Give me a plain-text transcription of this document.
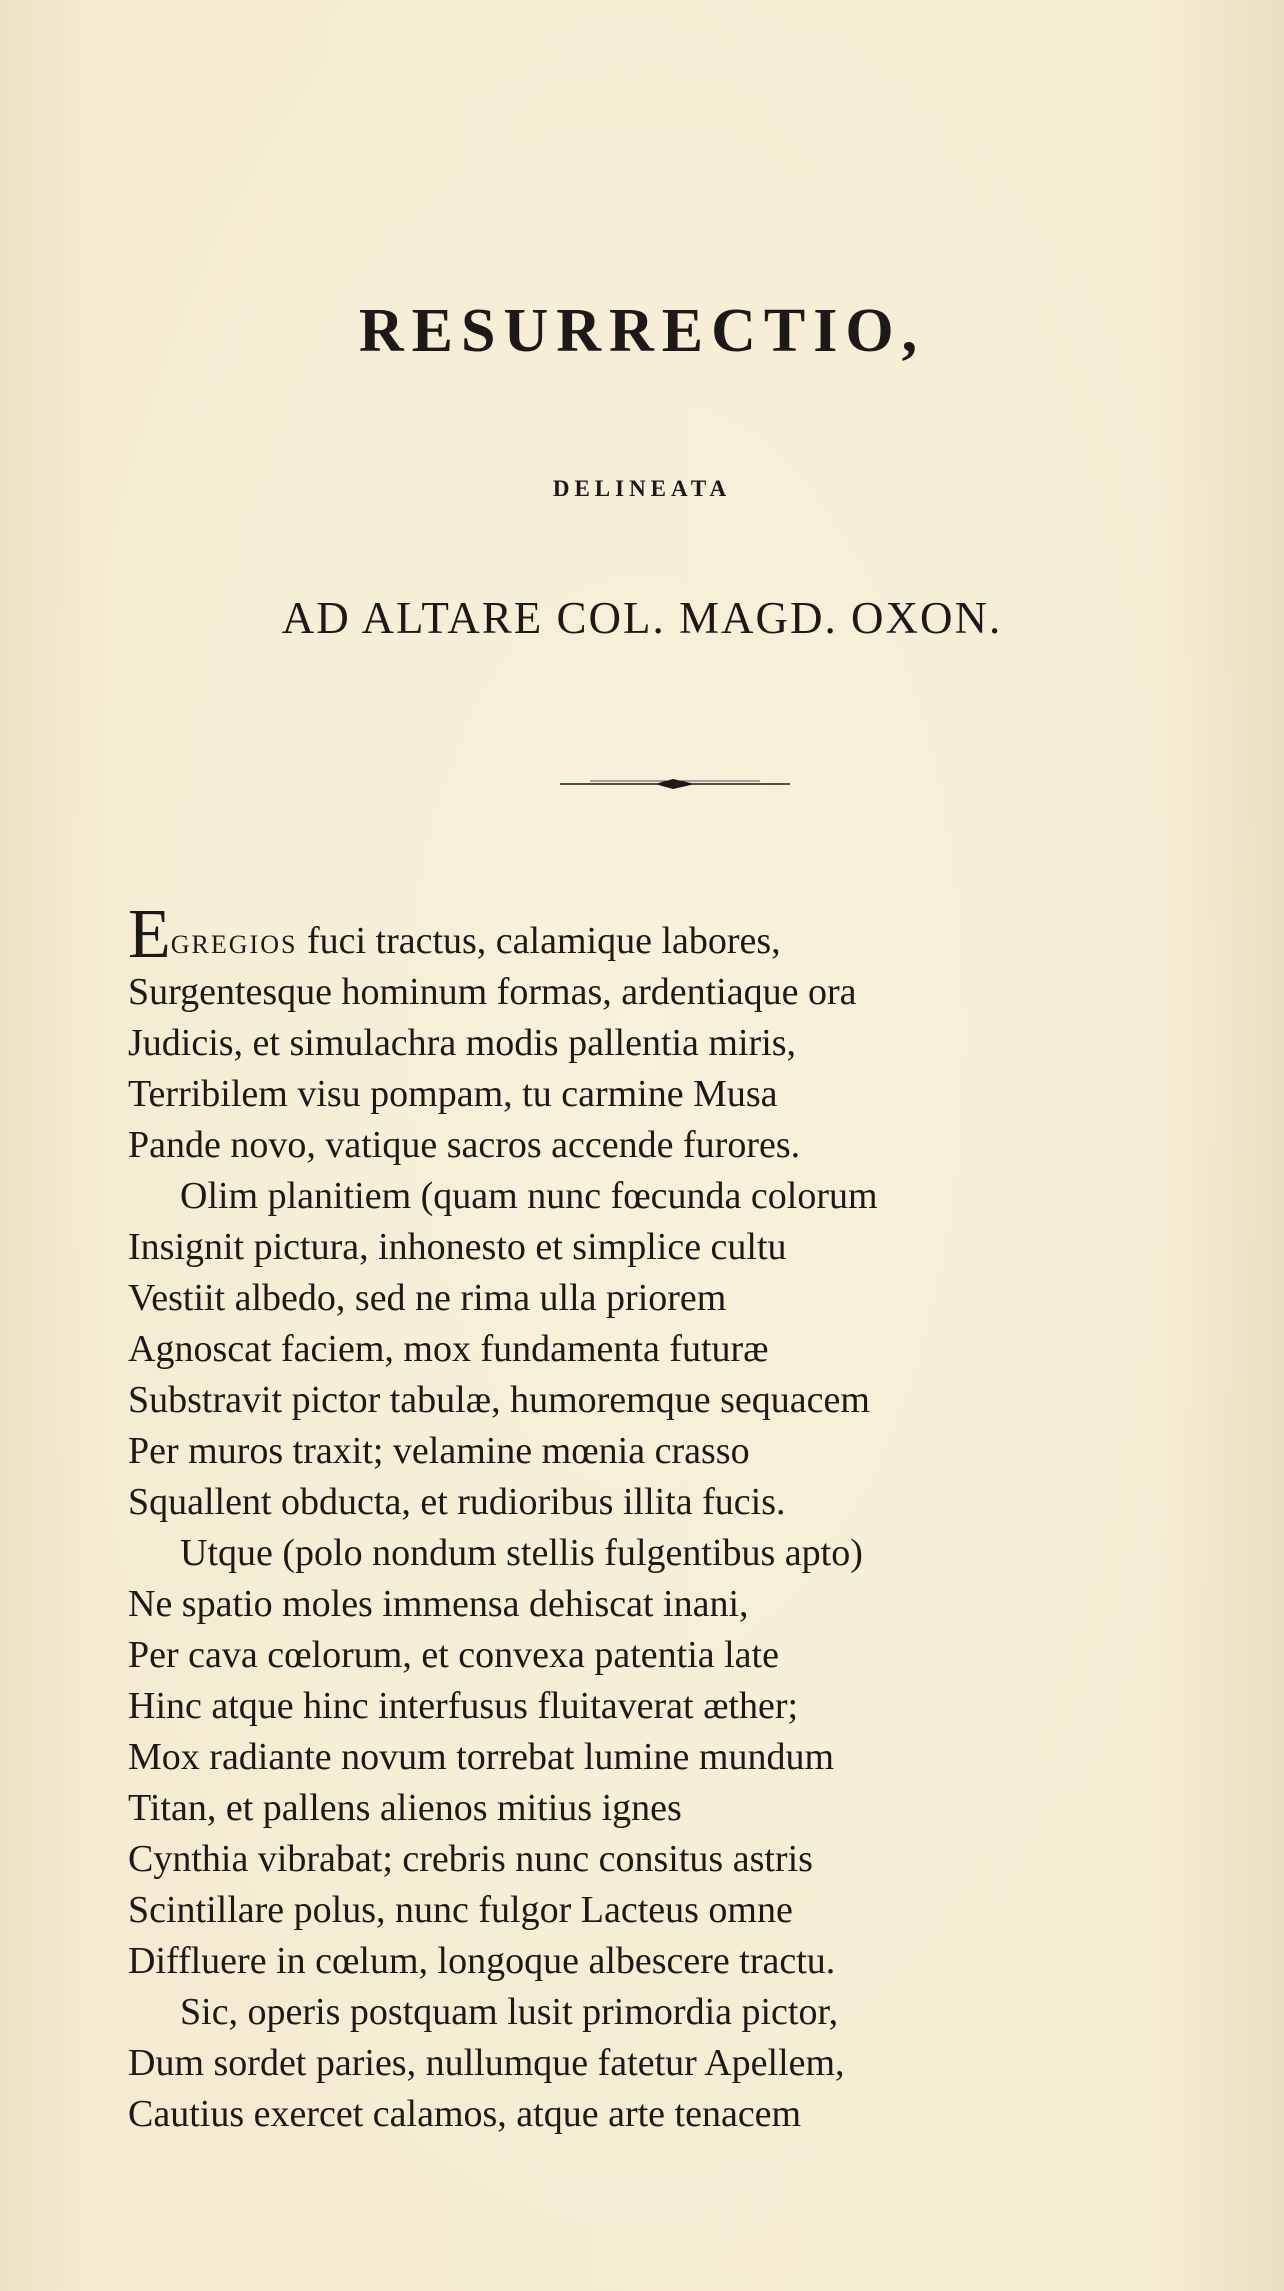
RESURRECTIO,
DELINEATA
AD ALTARE COL. MAGD. OXON.
EGREGIOS fuci tractus, calamique labores,
Surgentesque hominum formas, ardentiaque ora
Judicis, et simulachra modis pallentia miris,
Terribilem visu pompam, tu carmine Musa
Pande novo, vatique sacros accende furores.
Olim planitiem (quam nunc fœcunda colorum
Insignit pictura, inhonesto et simplice cultu
Vestiit albedo, sed ne rima ulla priorem
Agnoscat faciem, mox fundamenta futuræ
Substravit pictor tabulæ, humoremque sequacem
Per muros traxit; velamine mœnia crasso
Squallent obducta, et rudioribus illita fucis.
Utque (polo nondum stellis fulgentibus apto)
Ne spatio moles immensa dehiscat inani,
Per cava cœlorum, et convexa patentia late
Hinc atque hinc interfusus fluitaverat æther;
Mox radiante novum torrebat lumine mundum
Titan, et pallens alienos mitius ignes
Cynthia vibrabat; crebris nunc consitus astris
Scintillare polus, nunc fulgor Lacteus omne
Diffluere in cœlum, longoque albescere tractu.
Sic, operis postquam lusit primordia pictor,
Dum sordet paries, nullumque fatetur Apellem,
Cautius exercet calamos, atque arte tenacem
